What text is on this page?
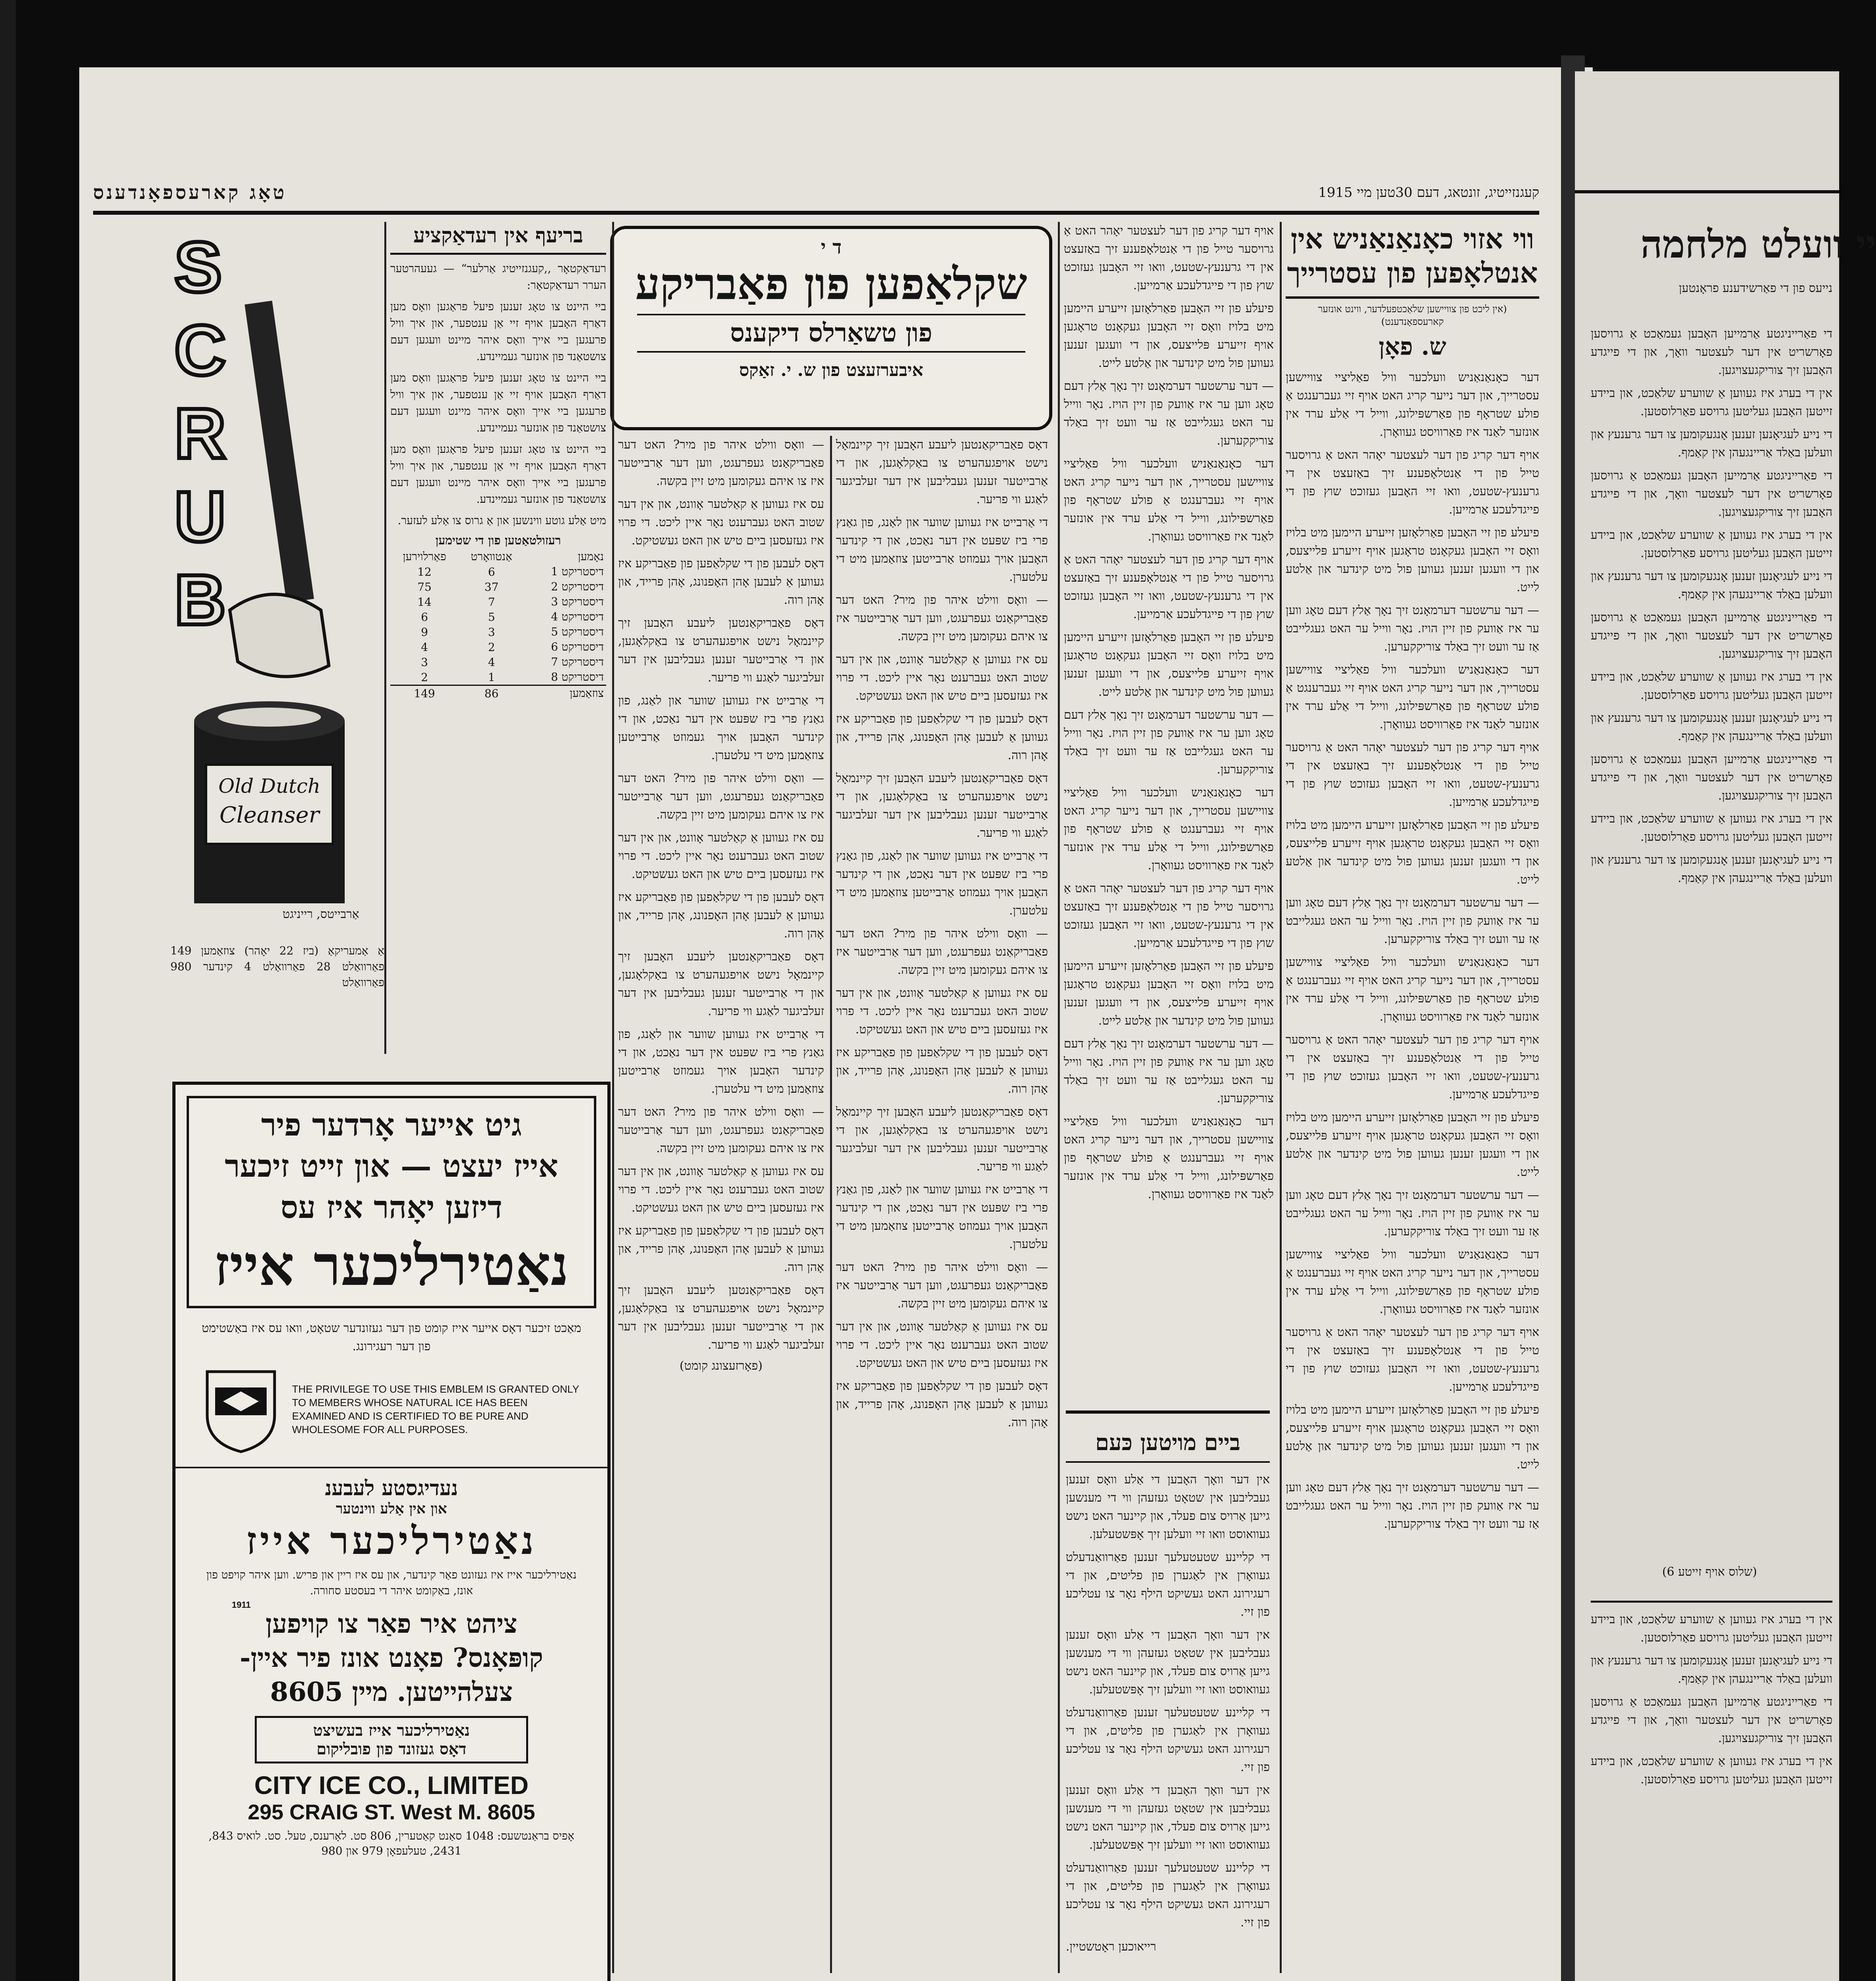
קעגנזייטיג, זונטאג, דעם 30טען מיי 1915
טאָג קארעספאָנדענס
ווי אזוי כאָנאַנאַניש אין אנטלאָפען פון עסטרייך
(אין ליכט פון צוויישען שלאַכטפעלדער, ווינט אונזער קארעספאָנדענט)
ש. פאָן

דער כאָנאַנאַניש וועלכער וויל פאַליציי צוויישען עסטרייך, און דער נייער קריג האט אויף זיי געברענגט אַ פולע שטראָף פון פאַרשפּילונג, ווייל די אַלע ערד אין אונזער לאַנד איז פאַרוויסט געוואָרן.

אויף דער קריג פון דער לעצטער יאָהר האט אַ גרויסער טייל פון די אַנטלאָפענע זיך באַזעצט אין די גרענעץ-שטעט, וואו זיי האָבען געזוכט שוץ פון די פייגדלעכע אַרמייען.

פיעלע פון זיי האָבען פאַרלאָזען זייערע היימען מיט בלויז וואָס זיי האָבען געקאָנט טראָגען אויף זייערע פּלייצעס, און די וועגען זענען געווען פול מיט קינדער און אַלטע לייט.

— דער ערשטער דערמאָנט זיך נאָך אַלץ דעם טאָג ווען ער איז אַוועק פון זיין הויז. נאָר ווייל ער האט געגלייבט אַז ער וועט זיך באַלד צוריקקערען.

דער כאָנאַנאַניש וועלכער וויל פאַליציי צוויישען עסטרייך, און דער נייער קריג האט אויף זיי געברענגט אַ פולע שטראָף פון פאַרשפּילונג, ווייל די אַלע ערד אין אונזער לאַנד איז פאַרוויסט געוואָרן.

אויף דער קריג פון דער לעצטער יאָהר האט אַ גרויסער טייל פון די אַנטלאָפענע זיך באַזעצט אין די גרענעץ-שטעט, וואו זיי האָבען געזוכט שוץ פון די פייגדלעכע אַרמייען.

פיעלע פון זיי האָבען פאַרלאָזען זייערע היימען מיט בלויז וואָס זיי האָבען געקאָנט טראָגען אויף זייערע פּלייצעס, און די וועגען זענען געווען פול מיט קינדער און אַלטע לייט.

— דער ערשטער דערמאָנט זיך נאָך אַלץ דעם טאָג ווען ער איז אַוועק פון זיין הויז. נאָר ווייל ער האט געגלייבט אַז ער וועט זיך באַלד צוריקקערען.

דער כאָנאַנאַניש וועלכער וויל פאַליציי צוויישען עסטרייך, און דער נייער קריג האט אויף זיי געברענגט אַ פולע שטראָף פון פאַרשפּילונג, ווייל די אַלע ערד אין אונזער לאַנד איז פאַרוויסט געוואָרן.

אויף דער קריג פון דער לעצטער יאָהר האט אַ גרויסער טייל פון די אַנטלאָפענע זיך באַזעצט אין די גרענעץ-שטעט, וואו זיי האָבען געזוכט שוץ פון די פייגדלעכע אַרמייען.

פיעלע פון זיי האָבען פאַרלאָזען זייערע היימען מיט בלויז וואָס זיי האָבען געקאָנט טראָגען אויף זייערע פּלייצעס, און די וועגען זענען געווען פול מיט קינדער און אַלטע לייט.

— דער ערשטער דערמאָנט זיך נאָך אַלץ דעם טאָג ווען ער איז אַוועק פון זיין הויז. נאָר ווייל ער האט געגלייבט אַז ער וועט זיך באַלד צוריקקערען.

דער כאָנאַנאַניש וועלכער וויל פאַליציי צוויישען עסטרייך, און דער נייער קריג האט אויף זיי געברענגט אַ פולע שטראָף פון פאַרשפּילונג, ווייל די אַלע ערד אין אונזער לאַנד איז פאַרוויסט געוואָרן.

אויף דער קריג פון דער לעצטער יאָהר האט אַ גרויסער טייל פון די אַנטלאָפענע זיך באַזעצט אין די גרענעץ-שטעט, וואו זיי האָבען געזוכט שוץ פון די פייגדלעכע אַרמייען.

פיעלע פון זיי האָבען פאַרלאָזען זייערע היימען מיט בלויז וואָס זיי האָבען געקאָנט טראָגען אויף זייערע פּלייצעס, און די וועגען זענען געווען פול מיט קינדער און אַלטע לייט.

— דער ערשטער דערמאָנט זיך נאָך אַלץ דעם טאָג ווען ער איז אַוועק פון זיין הויז. נאָר ווייל ער האט געגלייבט אַז ער וועט זיך באַלד צוריקקערען.

אויף דער קריג פון דער לעצטער יאָהר האט אַ גרויסער טייל פון די אַנטלאָפענע זיך באַזעצט אין די גרענעץ-שטעט, וואו זיי האָבען געזוכט שוץ פון די פייגדלעכע אַרמייען.

פיעלע פון זיי האָבען פאַרלאָזען זייערע היימען מיט בלויז וואָס זיי האָבען געקאָנט טראָגען אויף זייערע פּלייצעס, און די וועגען זענען געווען פול מיט קינדער און אַלטע לייט.

— דער ערשטער דערמאָנט זיך נאָך אַלץ דעם טאָג ווען ער איז אַוועק פון זיין הויז. נאָר ווייל ער האט געגלייבט אַז ער וועט זיך באַלד צוריקקערען.

דער כאָנאַנאַניש וועלכער וויל פאַליציי צוויישען עסטרייך, און דער נייער קריג האט אויף זיי געברענגט אַ פולע שטראָף פון פאַרשפּילונג, ווייל די אַלע ערד אין אונזער לאַנד איז פאַרוויסט געוואָרן.

אויף דער קריג פון דער לעצטער יאָהר האט אַ גרויסער טייל פון די אַנטלאָפענע זיך באַזעצט אין די גרענעץ-שטעט, וואו זיי האָבען געזוכט שוץ פון די פייגדלעכע אַרמייען.

פיעלע פון זיי האָבען פאַרלאָזען זייערע היימען מיט בלויז וואָס זיי האָבען געקאָנט טראָגען אויף זייערע פּלייצעס, און די וועגען זענען געווען פול מיט קינדער און אַלטע לייט.

— דער ערשטער דערמאָנט זיך נאָך אַלץ דעם טאָג ווען ער איז אַוועק פון זיין הויז. נאָר ווייל ער האט געגלייבט אַז ער וועט זיך באַלד צוריקקערען.

דער כאָנאַנאַניש וועלכער וויל פאַליציי צוויישען עסטרייך, און דער נייער קריג האט אויף זיי געברענגט אַ פולע שטראָף פון פאַרשפּילונג, ווייל די אַלע ערד אין אונזער לאַנד איז פאַרוויסט געוואָרן.

אויף דער קריג פון דער לעצטער יאָהר האט אַ גרויסער טייל פון די אַנטלאָפענע זיך באַזעצט אין די גרענעץ-שטעט, וואו זיי האָבען געזוכט שוץ פון די פייגדלעכע אַרמייען.

פיעלע פון זיי האָבען פאַרלאָזען זייערע היימען מיט בלויז וואָס זיי האָבען געקאָנט טראָגען אויף זייערע פּלייצעס, און די וועגען זענען געווען פול מיט קינדער און אַלטע לייט.

— דער ערשטער דערמאָנט זיך נאָך אַלץ דעם טאָג ווען ער איז אַוועק פון זיין הויז. נאָר ווייל ער האט געגלייבט אַז ער וועט זיך באַלד צוריקקערען.

דער כאָנאַנאַניש וועלכער וויל פאַליציי צוויישען עסטרייך, און דער נייער קריג האט אויף זיי געברענגט אַ פולע שטראָף פון פאַרשפּילונג, ווייל די אַלע ערד אין אונזער לאַנד איז פאַרוויסט געוואָרן.

ביים מויטען כּעם

אין דער וואָך האָבען די אַלע וואָס זענען געבליבען אין שטאָט געזעהן ווי די מענשען גייען אַרויס צום פעלד, און קיינער האט נישט געוואוסט וואו זיי וועלען זיך אָפּשטעלען.

די קליינע שטעטעלעך זענען פאַרוואַנדעלט געוואָרן אין לאַגערן פון פליטים, און די רעגירונג האט געשיקט הילף נאָר צו עטליכע פון זיי.

אין דער וואָך האָבען די אַלע וואָס זענען געבליבען אין שטאָט געזעהן ווי די מענשען גייען אַרויס צום פעלד, און קיינער האט נישט געוואוסט וואו זיי וועלען זיך אָפּשטעלען.

די קליינע שטעטעלעך זענען פאַרוואַנדעלט געוואָרן אין לאַגערן פון פליטים, און די רעגירונג האט געשיקט הילף נאָר צו עטליכע פון זיי.

אין דער וואָך האָבען די אַלע וואָס זענען געבליבען אין שטאָט געזעהן ווי די מענשען גייען אַרויס צום פעלד, און קיינער האט נישט געוואוסט וואו זיי וועלען זיך אָפּשטעלען.

די קליינע שטעטעלעך זענען פאַרוואַנדעלט געוואָרן אין לאַגערן פון פליטים, און די רעגירונג האט געשיקט הילף נאָר צו עטליכע פון זיי.

רייאוכען ראָטשטיין.
ד י
שקלאַפען פון פאַבריקע
פון טשאַרלס דיקענס
איבערזעצט פון ש. י. זאַקס

דאָס פאַבריקאַנטען ליעבע האָבען זיך קיינמאָל נישט אויפגעהערט צו באַקלאָגען, און די אַרבייטער זענען געבליבען אין דער זעלביגער לאַגע ווי פריער.

די אַרבייט איז געווען שווער און לאַנג, פון גאַנץ פרי ביז שפּעט אין דער נאַכט, און די קינדער האָבען אויך געמוזט אַרבייטען צוזאַמען מיט די עלטערן.

— וואָס ווילט איהר פון מיר? האט דער פאַבריקאַנט געפרעגט, ווען דער אַרבייטער איז צו איהם געקומען מיט זיין בקשה.

עס איז געווען אַ קאַלטער אָוונט, און אין דער שטוב האט געברענט נאָר איין ליכט. די פרוי איז געזעסען ביים טיש און האט געשטיקט.

דאָס לעבען פון די שקלאַפען פון פאַבריקע איז געווען אַ לעבען אָהן האָפנונג, אָהן פרייד, און אָהן רוה.

דאָס פאַבריקאַנטען ליעבע האָבען זיך קיינמאָל נישט אויפגעהערט צו באַקלאָגען, און די אַרבייטער זענען געבליבען אין דער זעלביגער לאַגע ווי פריער.

די אַרבייט איז געווען שווער און לאַנג, פון גאַנץ פרי ביז שפּעט אין דער נאַכט, און די קינדער האָבען אויך געמוזט אַרבייטען צוזאַמען מיט די עלטערן.

— וואָס ווילט איהר פון מיר? האט דער פאַבריקאַנט געפרעגט, ווען דער אַרבייטער איז צו איהם געקומען מיט זיין בקשה.

עס איז געווען אַ קאַלטער אָוונט, און אין דער שטוב האט געברענט נאָר איין ליכט. די פרוי איז געזעסען ביים טיש און האט געשטיקט.

דאָס לעבען פון די שקלאַפען פון פאַבריקע איז געווען אַ לעבען אָהן האָפנונג, אָהן פרייד, און אָהן רוה.

דאָס פאַבריקאַנטען ליעבע האָבען זיך קיינמאָל נישט אויפגעהערט צו באַקלאָגען, און די אַרבייטער זענען געבליבען אין דער זעלביגער לאַגע ווי פריער.

די אַרבייט איז געווען שווער און לאַנג, פון גאַנץ פרי ביז שפּעט אין דער נאַכט, און די קינדער האָבען אויך געמוזט אַרבייטען צוזאַמען מיט די עלטערן.

— וואָס ווילט איהר פון מיר? האט דער פאַבריקאַנט געפרעגט, ווען דער אַרבייטער איז צו איהם געקומען מיט זיין בקשה.

עס איז געווען אַ קאַלטער אָוונט, און אין דער שטוב האט געברענט נאָר איין ליכט. די פרוי איז געזעסען ביים טיש און האט געשטיקט.

דאָס לעבען פון די שקלאַפען פון פאַבריקע איז געווען אַ לעבען אָהן האָפנונג, אָהן פרייד, און אָהן רוה.

— וואָס ווילט איהר פון מיר? האט דער פאַבריקאַנט געפרעגט, ווען דער אַרבייטער איז צו איהם געקומען מיט זיין בקשה.

עס איז געווען אַ קאַלטער אָוונט, און אין דער שטוב האט געברענט נאָר איין ליכט. די פרוי איז געזעסען ביים טיש און האט געשטיקט.

דאָס לעבען פון די שקלאַפען פון פאַבריקע איז געווען אַ לעבען אָהן האָפנונג, אָהן פרייד, און אָהן רוה.

דאָס פאַבריקאַנטען ליעבע האָבען זיך קיינמאָל נישט אויפגעהערט צו באַקלאָגען, און די אַרבייטער זענען געבליבען אין דער זעלביגער לאַגע ווי פריער.

די אַרבייט איז געווען שווער און לאַנג, פון גאַנץ פרי ביז שפּעט אין דער נאַכט, און די קינדער האָבען אויך געמוזט אַרבייטען צוזאַמען מיט די עלטערן.

— וואָס ווילט איהר פון מיר? האט דער פאַבריקאַנט געפרעגט, ווען דער אַרבייטער איז צו איהם געקומען מיט זיין בקשה.

עס איז געווען אַ קאַלטער אָוונט, און אין דער שטוב האט געברענט נאָר איין ליכט. די פרוי איז געזעסען ביים טיש און האט געשטיקט.

דאָס לעבען פון די שקלאַפען פון פאַבריקע איז געווען אַ לעבען אָהן האָפנונג, אָהן פרייד, און אָהן רוה.

דאָס פאַבריקאַנטען ליעבע האָבען זיך קיינמאָל נישט אויפגעהערט צו באַקלאָגען, און די אַרבייטער זענען געבליבען אין דער זעלביגער לאַגע ווי פריער.

די אַרבייט איז געווען שווער און לאַנג, פון גאַנץ פרי ביז שפּעט אין דער נאַכט, און די קינדער האָבען אויך געמוזט אַרבייטען צוזאַמען מיט די עלטערן.

— וואָס ווילט איהר פון מיר? האט דער פאַבריקאַנט געפרעגט, ווען דער אַרבייטער איז צו איהם געקומען מיט זיין בקשה.

עס איז געווען אַ קאַלטער אָוונט, און אין דער שטוב האט געברענט נאָר איין ליכט. די פרוי איז געזעסען ביים טיש און האט געשטיקט.

דאָס לעבען פון די שקלאַפען פון פאַבריקע איז געווען אַ לעבען אָהן האָפנונג, אָהן פרייד, און אָהן רוה.

דאָס פאַבריקאַנטען ליעבע האָבען זיך קיינמאָל נישט אויפגעהערט צו באַקלאָגען, און די אַרבייטער זענען געבליבען אין דער זעלביגער לאַגע ווי פריער.

(פאָרזעצונג קומט)
בריעף אין רעדאַקציע

רעדאַקטאָר ,,קעגנזייטיג אַרלער“ — געעהרטער הערר רעדאַקטאָר:

ביי היינט צו טאָג זענען פיעל פראַגען וואָס מען דאַרף האָבען אויף זיי אַן ענטפער, און איך וויל פרעגען ביי אייך וואָס איהר מיינט וועגען דעם צושטאַנד פון אונזער געמיינדע.

ביי היינט צו טאָג זענען פיעל פראַגען וואָס מען דאַרף האָבען אויף זיי אַן ענטפער, און איך וויל פרעגען ביי אייך וואָס איהר מיינט וועגען דעם צושטאַנד פון אונזער געמיינדע.

ביי היינט צו טאָג זענען פיעל פראַגען וואָס מען דאַרף האָבען אויף זיי אַן ענטפער, און איך וויל פרעגען ביי אייך וואָס איהר מיינט וועגען דעם צושטאַנד פון אונזער געמיינדע.

מיט אַלע גוטע ווינשען און אַ גרוס צו אַלע לעזער.

רעזולטאַטען פון די שטימען
נאָמען	אַנטוואָרט	פאַרלוירען
דיסטריקט 1	6	12
דיסטריקט 2	37	75
דיסטריקט 3	7	14
דיסטריקט 4	5	6
דיסטריקט 5	3	9
דיסטריקט 6	2	4
דיסטריקט 7	4	3
דיסטריקט 8	1	2
צוזאַמען	86	149
אַ אַמעריקאַ (ביז 22 יאָהר) צוזאַמען 149 פאַרוואַלט 28 פאַרוואַלט 4 קינדער 980 פאַרוואַלט
SCRUB
Old Dutch
Cleanser
אַרבייטס, רייניגט
גיט אייער אָרדער פיר
אייז יעצט — און זייט זיכער
דיזען יאָהר איז עס
נאַטירליכער אייז
מאַכט זיכער דאָס אייער אייז קומט פון דער געזונדער שטאָט, וואו עס איז באַשטימט פון דער רעגירונג.
THE PRIVILEGE TO USE THIS EMBLEM IS GRANTED ONLY TO MEMBERS WHOSE NATURAL ICE HAS BEEN EXAMINED AND IS CERTIFIED TO BE PURE AND WHOLESOME FOR ALL PURPOSES.
1911
נעדיגסטע לעבענ
און אין אַלע ווינטער
נאַטירליכער אייז
נאַטירליכער אייז איז געזונט פאַר קינדער, און עס איז ריין און פריש. ווען איהר קויפט פון אונז, באַקומט איהר די בעסטע סחורה.
ציהט איר פאַר צו קויפען
קופּאָנס? פאָנט אונז פיר איין-
צעלהייטען. מיין 8605
נאַטירליכער אייז בעשיצט
דאָס געזונד פון פובליקום
CITY ICE CO., LIMITED
295 CRAIG ST. West M. 8605
אָפיס בראַנטשעס: 1048 סאַנט קאַטערין, 806 סט. לאָרענס, טעל. סט. לואיס 843, 2431, טעלעפאָן 979 און 980
יי וועלט מלחמה
נייעס פון די פאַרשידענע פראָנטען

די פאַרייניגטע אַרמייען האָבען געמאַכט אַ גרויסען פאָרשריט אין דער לעצטער וואָך, און די פייגדע האָבען זיך צוריקגעצויגען.

אין די בערג איז געווען אַ שווערע שלאַכט, און ביידע זייטען האָבען געליטען גרויסע פאַרלוסטען.

די נייע לעגיאָנען זענען אָנגעקומען צו דער גרענעץ און וועלען באַלד אַריינגעהן אין קאַמף.

די פאַרייניגטע אַרמייען האָבען געמאַכט אַ גרויסען פאָרשריט אין דער לעצטער וואָך, און די פייגדע האָבען זיך צוריקגעצויגען.

אין די בערג איז געווען אַ שווערע שלאַכט, און ביידע זייטען האָבען געליטען גרויסע פאַרלוסטען.

די נייע לעגיאָנען זענען אָנגעקומען צו דער גרענעץ און וועלען באַלד אַריינגעהן אין קאַמף.

די פאַרייניגטע אַרמייען האָבען געמאַכט אַ גרויסען פאָרשריט אין דער לעצטער וואָך, און די פייגדע האָבען זיך צוריקגעצויגען.

אין די בערג איז געווען אַ שווערע שלאַכט, און ביידע זייטען האָבען געליטען גרויסע פאַרלוסטען.

די נייע לעגיאָנען זענען אָנגעקומען צו דער גרענעץ און וועלען באַלד אַריינגעהן אין קאַמף.

די פאַרייניגטע אַרמייען האָבען געמאַכט אַ גרויסען פאָרשריט אין דער לעצטער וואָך, און די פייגדע האָבען זיך צוריקגעצויגען.

אין די בערג איז געווען אַ שווערע שלאַכט, און ביידע זייטען האָבען געליטען גרויסע פאַרלוסטען.

די נייע לעגיאָנען זענען אָנגעקומען צו דער גרענעץ און וועלען באַלד אַריינגעהן אין קאַמף.

(שלוס אויף זייטע 6)

אין די בערג איז געווען אַ שווערע שלאַכט, און ביידע זייטען האָבען געליטען גרויסע פאַרלוסטען.

די נייע לעגיאָנען זענען אָנגעקומען צו דער גרענעץ און וועלען באַלד אַריינגעהן אין קאַמף.

די פאַרייניגטע אַרמייען האָבען געמאַכט אַ גרויסען פאָרשריט אין דער לעצטער וואָך, און די פייגדע האָבען זיך צוריקגעצויגען.

אין די בערג איז געווען אַ שווערע שלאַכט, און ביידע זייטען האָבען געליטען גרויסע פאַרלוסטען.
